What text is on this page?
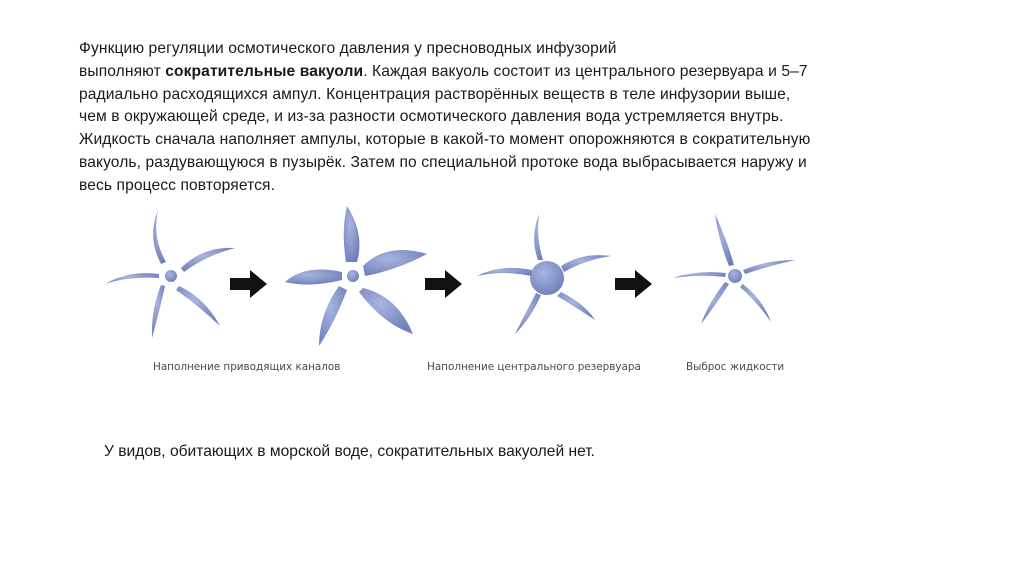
Функцию регуляции осмотического давления у пресноводных инфузорий
выполняют сократительные вакуоли. Каждая вакуоль состоит из центрального резервуара и 5–7
радиально расходящихся ампул. Концентрация растворённых веществ в теле инфузории выше,
чем в окружающей среде, и из-за разности осмотического давления вода устремляется внутрь.
Жидкость сначала наполняет ампулы, которые в какой-то момент опорожняются в сократительную
вакуоль, раздувающуюся в пузырёк. Затем по специальной протоке вода выбрасывается наружу и
весь процесс повторяется.
Наполнение приводящих каналов	Наполнение центрального резервуара	Выброс жидкости
У видов, обитающих в морской воде, сократительных вакуолей нет.
